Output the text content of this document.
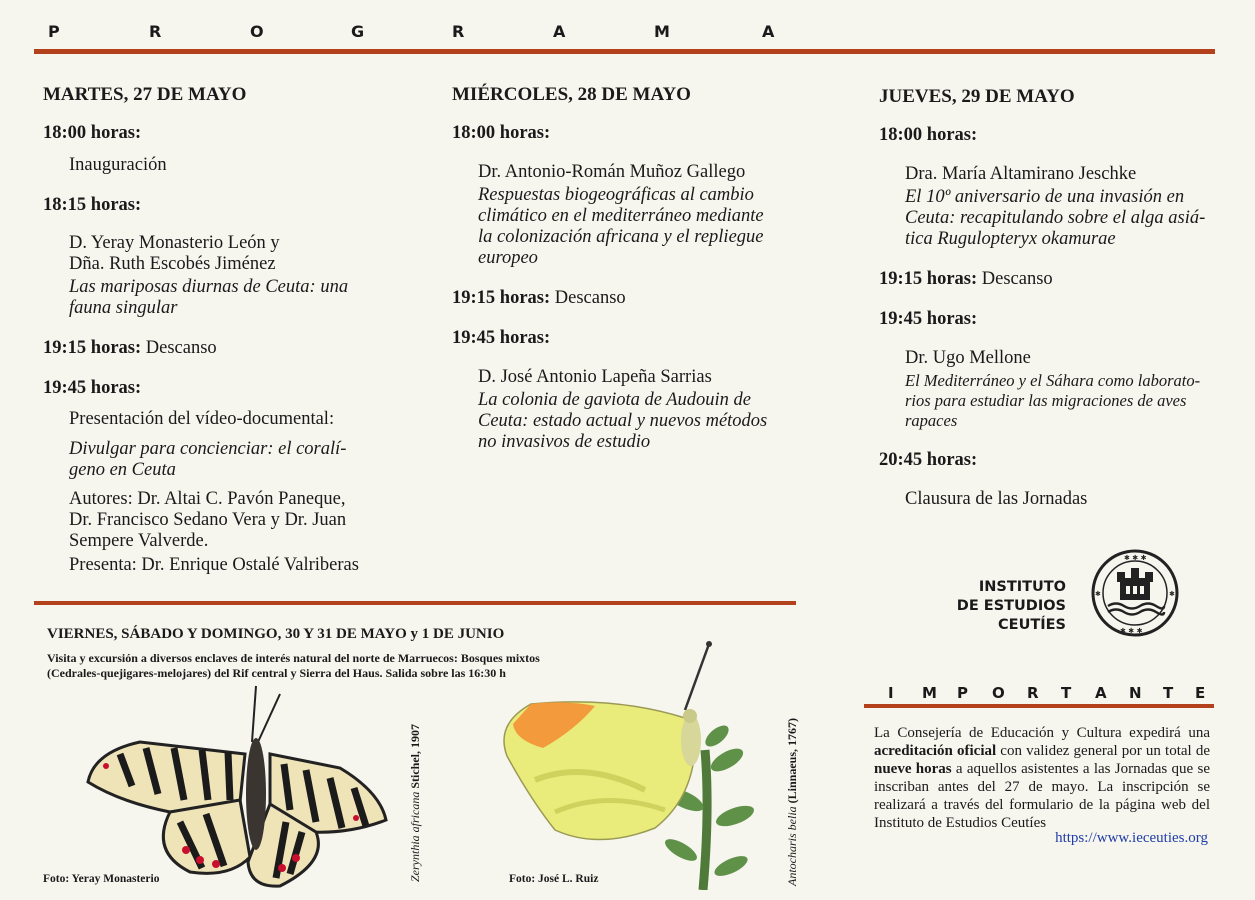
P	R	O	G	R	A	M	A
MARTES, 27 DE MAYO
18:00 horas:
Inauguración
18:15 horas:
D. Yeray Monasterio León y
Dña. Ruth Escobés Jiménez
Las mariposas diurnas de Ceuta: una
fauna singular
19:15 horas: Descanso
19:45 horas:
Presentación del vídeo-documental:
Divulgar para concienciar: el coralí-
geno en Ceuta
Autores: Dr. Altai C. Pavón Paneque,
Dr. Francisco Sedano Vera y Dr. Juan
Sempere Valverde.
Presenta: Dr. Enrique Ostalé Valriberas
MIÉRCOLES, 28 DE MAYO
18:00 horas:
Dr. Antonio-Román Muñoz Gallego
Respuestas biogeográficas al cambio
climático en el mediterráneo mediante
la colonización africana y el repliegue
europeo
19:15 horas: Descanso
19:45 horas:
D. José Antonio Lapeña Sarrias
La colonia de gaviota de Audouin de
Ceuta: estado actual y nuevos métodos
no invasivos de estudio
JUEVES, 29 DE MAYO
18:00 horas:
Dra. María Altamirano Jeschke
El 10º aniversario de una invasión en
Ceuta: recapitulando sobre el alga asiá-
tica Rugulopteryx okamurae
19:15 horas: Descanso
19:45 horas:
Dr. Ugo Mellone
El Mediterráneo y el Sáhara como laborato-
rios para estudiar las migraciones de aves
rapaces
20:45 horas:
Clausura de las Jornadas
INSTITUTO
DE ESTUDIOS CEUTÍES
✱ ✱ ✱
✱ ✱ ✱
✱	✱
VIERNES, SÁBADO Y DOMINGO, 30 Y 31 DE MAYO y 1 DE JUNIO
Visita y excursión a diversos enclaves de interés natural del norte de Marruecos: Bosques mixtos
(Cedrales-quejigares-melojares) del Rif central y Sierra del Haus. Salida sobre las 16:30 h
Foto: Yeray Monasterio	Zerynthia africana Stichel, 1907
Foto: José L. Ruiz	Antocharis belia (Linnaeus, 1767)
I M P O R T A N T E
La Consejería de Educación y Cultura expedirá una acreditación oficial con validez general por un total de nueve horas a aquellos asistentes a las Jornadas que se inscriban antes del 27 de mayo. La inscripción se realizará a través del formulario de la página web del Instituto de Estudios Ceutíes
https://www.ieceuties.org
